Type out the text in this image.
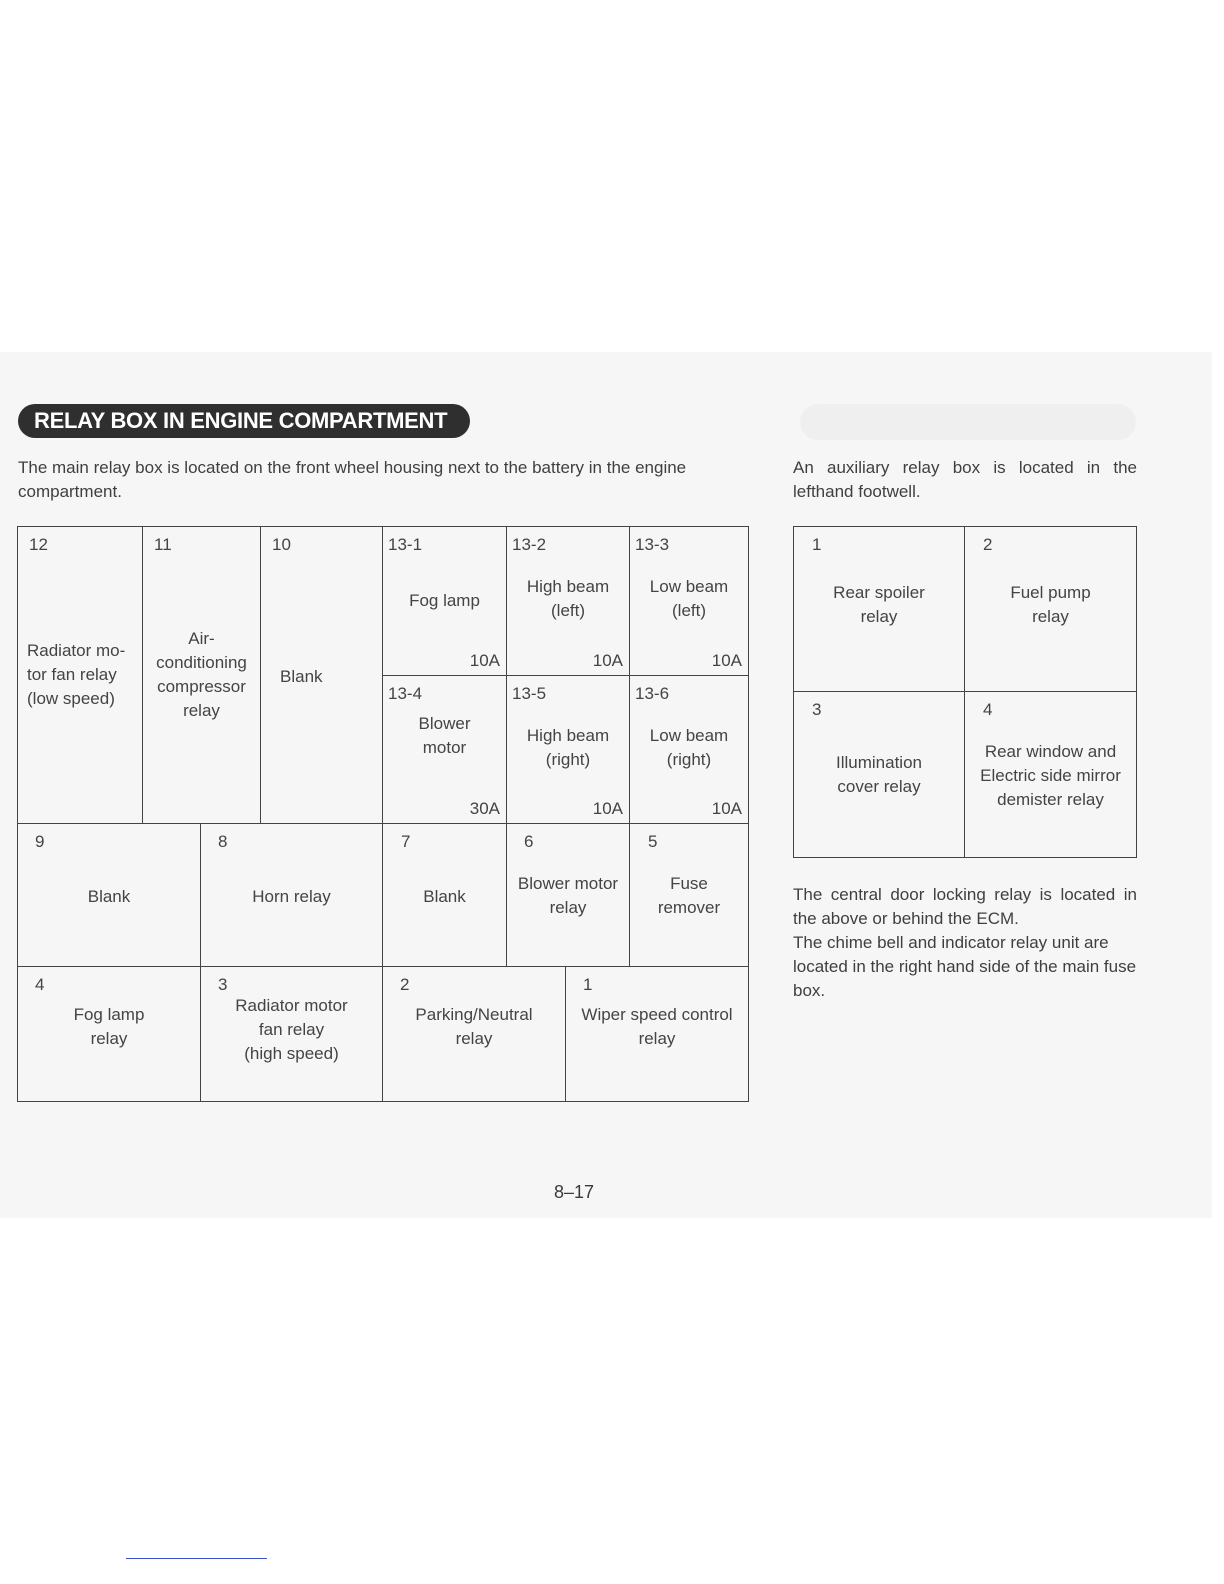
RELAY BOX IN ENGINE COMPARTMENT
The main relay box is located on the front wheel housing next to the battery in the engine compartment.
An auxiliary relay box is located in the lefthand footwell.
12
Radiator mo-
tor fan relay
(low speed)
11
Air-
conditioning
compressor
relay
10
Blank
13-1
Fog lamp
10A
13-2
High beam
(left)
10A
13-3
Low beam
(left)
10A
13-4
Blower
motor
30A
13-5
High beam
(right)
10A
13-6
Low beam
(right)
10A
9
Blank
8
Horn relay
7
Blank
6
Blower motor
relay
5
Fuse
remover
4
Fog lamp
relay
3
Radiator motor
fan relay
(high speed)
2
Parking/Neutral
relay
1
Wiper speed control
relay
1
Rear spoiler
relay
2
Fuel pump
relay
3
Illumination
cover relay
4
Rear window and
Electric side mirror
demister relay

The central door locking relay is located in the above or behind the ECM.

The chime bell and indicator relay unit are located in the right hand side of the main fuse box.

8–17
